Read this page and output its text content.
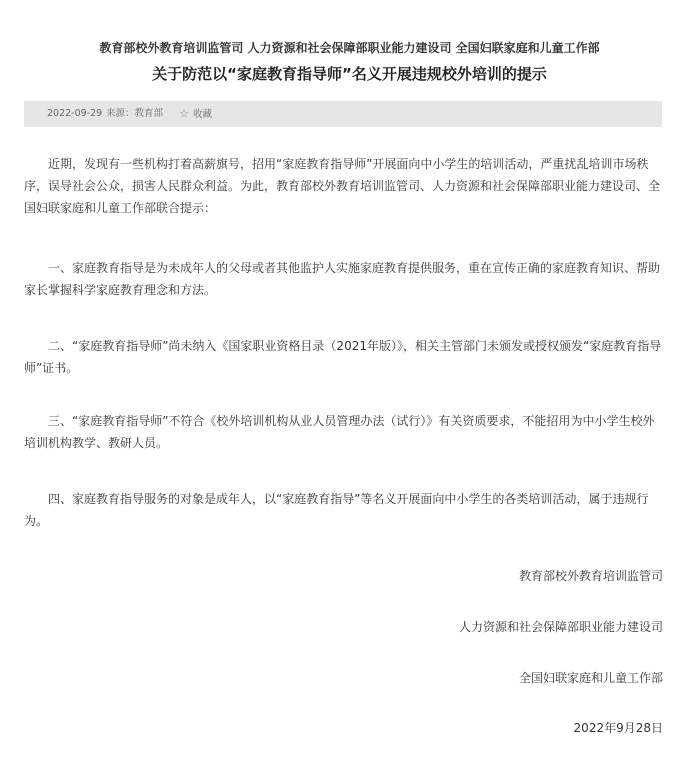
教育部校外教育培训监管司 人力资源和社会保障部职业能力建设司 全国妇联家庭和儿童工作部
关于防范以“家庭教育指导师”名义开展违规校外培训的提示
2022-09-29 来源：教育部 ☆ 收藏

近期，发现有一些机构打着高薪旗号，招用“家庭教育指导师”开展面向中小学生的培训活动，严重扰乱培训市场秩序，误导社会公众，损害人民群众利益。为此，教育部校外教育培训监管司、人力资源和社会保障部职业能力建设司、全国妇联家庭和儿童工作部联合提示：

一、家庭教育指导是为未成年人的父母或者其他监护人实施家庭教育提供服务，重在宣传正确的家庭教育知识、帮助家长掌握科学家庭教育理念和方法。

二、“家庭教育指导师”尚未纳入《国家职业资格目录（2021年版）》，相关主管部门未颁发或授权颁发“家庭教育指导师”证书。

三、“家庭教育指导师”不符合《校外培训机构从业人员管理办法（试行）》有关资质要求，不能招用为中小学生校外培训机构教学、教研人员。

四、家庭教育指导服务的对象是成年人，以“家庭教育指导”等名义开展面向中小学生的各类培训活动，属于违规行为。

教育部校外教育培训监管司
人力资源和社会保障部职业能力建设司
全国妇联家庭和儿童工作部
2022年9月28日
